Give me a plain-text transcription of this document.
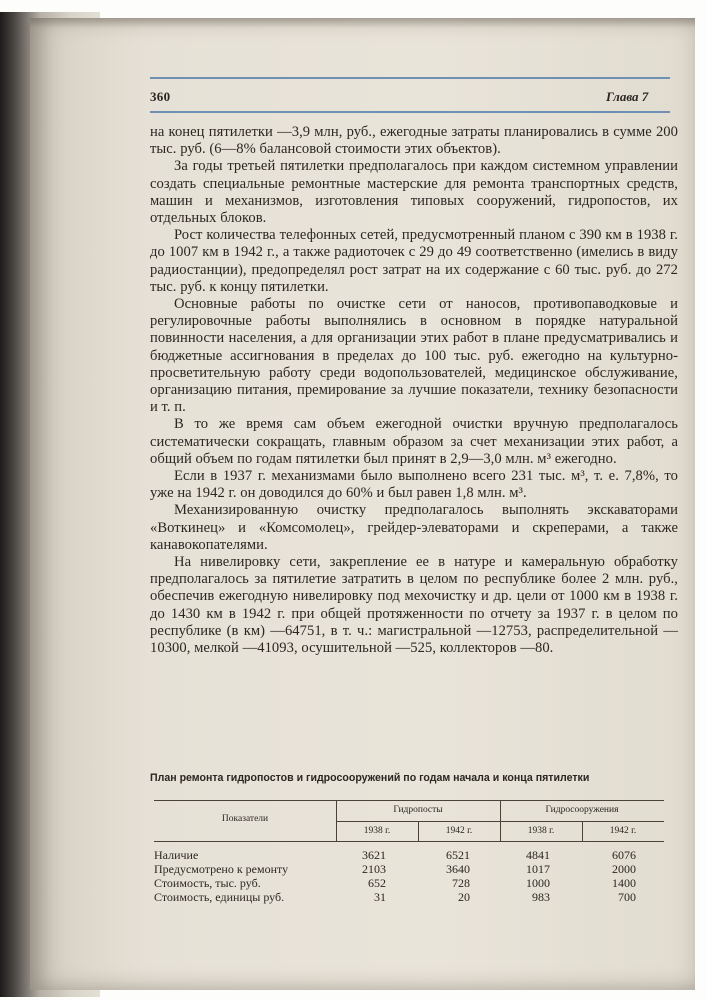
360	Глава 7

на конец пятилетки —3,9 млн, руб., ежегодные затраты планировались в сумме 200 тыс. руб. (6—8% балансовой стоимости этих объектов).

За годы третьей пятилетки предполагалось при каждом системном управлении создать специальные ремонтные мастерские для ремонта транспортных средств, машин и механизмов, изготовления типовых сооружений, гидропостов, их отдельных блоков.

Рост количества телефонных сетей, предусмотренный планом с 390 км в 1938 г. до 1007 км в 1942 г., а также радиоточек с 29 до 49 соответственно (имелись в виду радиостанции), предопределял рост затрат на их содержание с 60 тыс. руб. до 272 тыс. руб. к концу пятилетки.

Основные работы по очистке сети от наносов, противопаводковые и регулировочные работы выполнялись в основном в порядке натуральной повинности населения, а для организации этих работ в плане предусматривались и бюджетные ассигнования в пределах до 100 тыс. руб. ежегодно на культурно-просветительную работу среди водопользователей, медицинское обслуживание, организацию питания, премирование за лучшие показатели, технику безопасности и т. п.

В то же время сам объем ежегодной очистки вручную предполагалось систематически сокращать, главным образом за счет механизации этих работ, а общий объем по годам пятилетки был принят в 2,9—3,0 млн. м³ ежегодно.

Если в 1937 г. механизмами было выполнено всего 231 тыс. м³, т. е. 7,8%, то уже на 1942 г. он доводился до 60% и был равен 1,8 млн. м³.

Механизированную очистку предполагалось выполнять экскаваторами «Воткинец» и «Комсомолец», грейдер-элеваторами и скреперами, а также канавокопателями.

На нивелировку сети, закрепление ее в натуре и камеральную обработку предполагалось за пятилетие затратить в целом по республике более 2 млн. руб., обеспечив ежегодную нивелировку под мехочистку и др. цели от 1000 км в 1938 г. до 1430 км в 1942 г. при общей протяженности по отчету за 1937 г. в целом по республике (в км) —64751, в т. ч.: магистральной —12753, распределительной —10300, мелкой —41093, осушительной —525, коллекторов —80.

План ремонта гидропостов и гидросооружений по годам начала и конца пятилетки
Показатели
Гидропосты	Гидросооружения
1938 г.	1942 г.	1938 г.	1942 г.
Наличие	3621	6521	4841	6076
Предусмотрено к ремонту	2103	3640	1017	2000
Стоимость, тыс. руб.	652	728	1000	1400
Стоимость, единицы руб.	31	20	983	700
